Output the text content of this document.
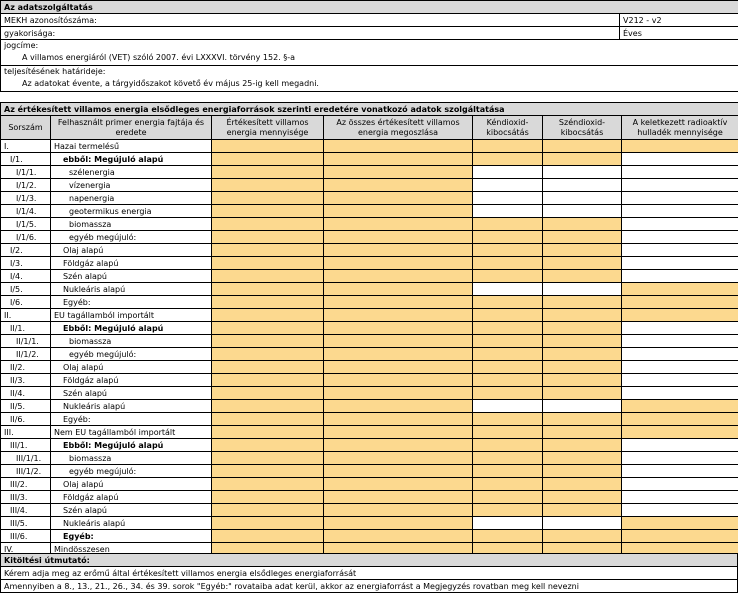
Az adatszolgáltatás	
MEKH azonosítószáma:	V212 - v2
gyakorisága:	Éves

jogcíme:
A villamos energiáról (VET) szóló 2007. évi LXXXVI. törvény 152. §-a	

teljesítésének határideje:
Az adatokat évente, a tárgyidőszakot követő év május 25-ig kell megadni.	
Az értékesített villamos energia elsődleges energiaforrások szerinti eredetére vonatkozó adatok szolgáltatása						
Sorszám	Felhasznált primer energia fajtája és eredete	Értékesített villamos energia mennyisége	Az összes értékesített villamos energia megoszlása	Kéndioxid-kibocsátás	Széndioxid-kibocsátás	A keletkezett radioaktív hulladék mennyisége
I.	Hazai termelésű					
I/1.	ebből: Megújuló alapú					
I/1/1.	szélenergia					
I/1/2.	vízenergia					
I/1/3.	napenergia					
I/1/4.	geotermikus energia					
I/1/5.	biomassza					
I/1/6.	egyéb megújuló:					
I/2.	Olaj alapú					
I/3.	Földgáz alapú					
I/4.	Szén alapú					
I/5.	Nukleáris alapú					
I/6.	Egyéb:					
II.	EU tagállamból importált					
II/1.	Ebből: Megújuló alapú					
II/1/1.	biomassza					
II/1/2.	egyéb megújuló:					
II/2.	Olaj alapú					
II/3.	Földgáz alapú					
II/4.	Szén alapú					
II/5.	Nukleáris alapú					
II/6.	Egyéb:					
III.	Nem EU tagállamból importált					
III/1.	Ebből: Megújuló alapú					
III/1/1.	biomassza					
III/1/2.	egyéb megújuló:					
III/2.	Olaj alapú					
III/3.	Földgáz alapú					
III/4.	Szén alapú					
III/5.	Nukleáris alapú					
III/6.	Egyéb:					
IV.	Mindösszesen					
Kitöltési útmutató:
Kérem adja meg az erőmű által értékesített villamos energia elsődleges energiaforrását
Amennyiben a 8., 13., 21., 26., 34. és 39. sorok "Egyéb:" rovataiba adat kerül, akkor az energiaforrást a Megjegyzés rovatban meg kell nevezni
